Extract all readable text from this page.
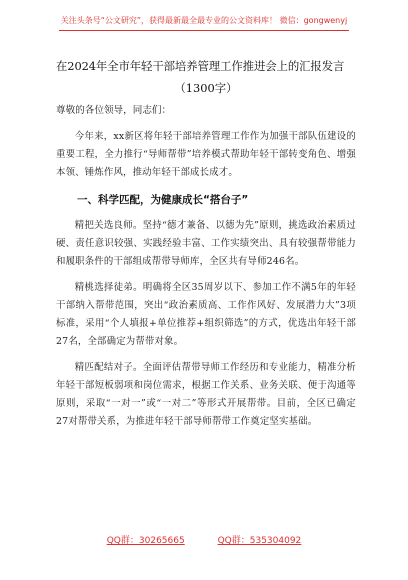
关注头条号“公文研究”，获得最新最全最专业的公文资料库！ 微信：gongwenyj
在2024年全市年轻干部培养管理工作推进会上的汇报发言
（1300字）
尊敬的各位领导，同志们：

今年来，xx新区将年轻干部培养管理工作作为加强干部队伍建设的重要工程，全力推行“导师帮带”培养模式帮助年轻干部转变角色、增强本领、锤炼作风，推动年轻干部成长成才。

一、科学匹配，为健康成长“搭台子”

精把关选良师。坚持“德才兼备、以德为先”原则，挑选政治素质过硬、责任意识较强、实践经验丰富、工作实绩突出、具有较强帮带能力和履职条件的干部组成帮带导师库，全区共有导师246名。

精桃选择徒弟。明确将全区35周岁以下、参加工作不满5年的年轻干部纳入帮带范围，突出“政治素质高、工作作风好、发展潜力大”3项标准，采用“个人填报+单位推荐+组织筛选”的方式，优选出年轻干部27名，全部确定为帮带对象。

精匹配结对子。全面评估帮带导师工作经历和专业能力，精准分析年轻干部短板弱项和岗位需求，根据工作关系、业务关联、便于沟通等原则，采取“一对一”或“一对二”等形式开展帮带。目前，全区已确定27对帮带关系，为推进年轻干部导师帮带工作奠定坚实基础。

QQ群：30265665	QQ群：535304092
